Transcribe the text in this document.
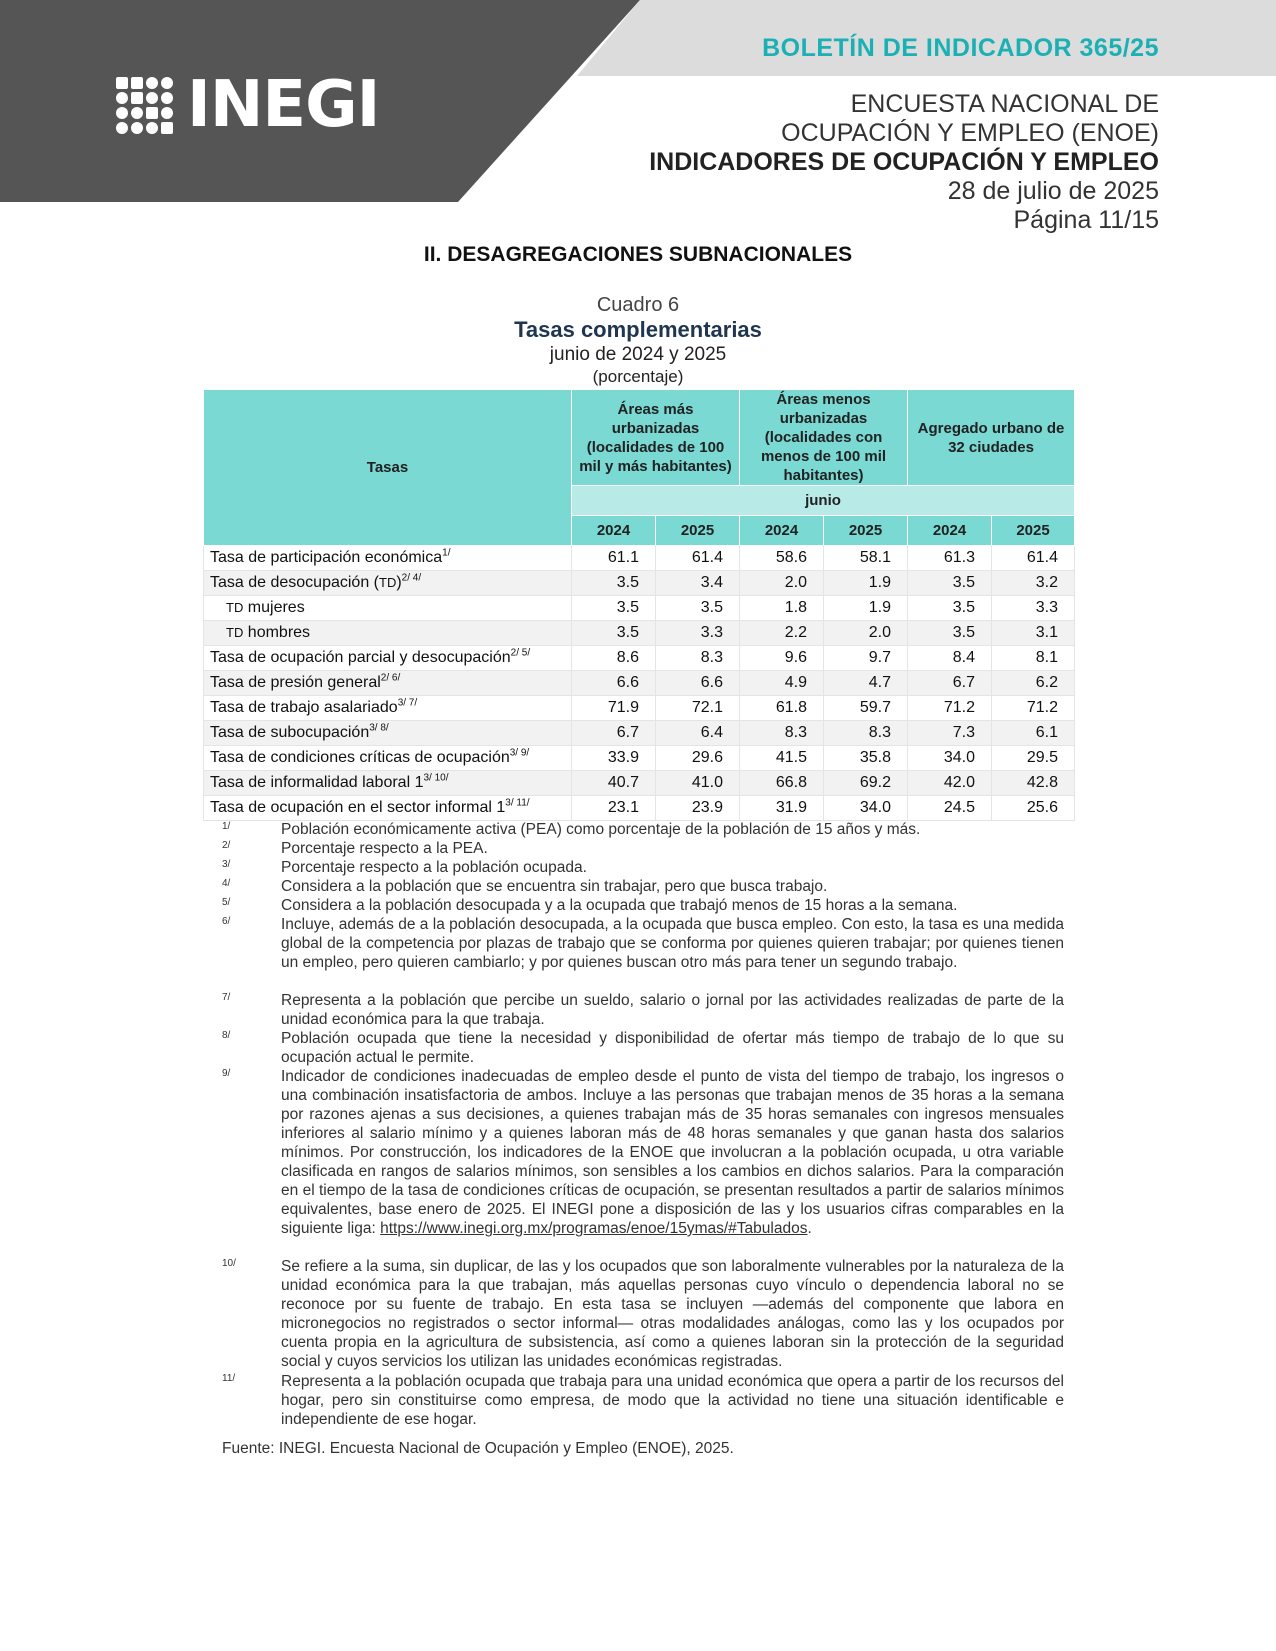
INEGI
BOLETÍN DE INDICADOR 365/25
ENCUESTA NACIONAL DE
OCUPACIÓN Y EMPLEO (ENOE)
INDICADORES DE OCUPACIÓN Y EMPLEO
28 de julio de 2025
Página 11/15
II. DESAGREGACIONES SUBNACIONALES
Cuadro 6
Tasas complementarias
junio de 2024 y 2025
(porcentaje)
Tasas	Áreas más urbanizadas (localidades de 100 mil y más habitantes)		Áreas menos urbanizadas (localidades con menos de 100 mil habitantes)		Agregado urbano de 32 ciudades	
	junio					
	2024	2025	2024	2025	2024	2025
Tasa de participación económica$^{1/}$	61.1	61.4	58.6	58.1	61.3	61.4
Tasa de desocupación (TD)$^{2/ 4/}$	3.5	3.4	2.0	1.9	3.5	3.2
TD mujeres	3.5	3.5	1.8	1.9	3.5	3.3
TD hombres	3.5	3.3	2.2	2.0	3.5	3.1
Tasa de ocupación parcial y desocupación$^{2/ 5/}$	8.6	8.3	9.6	9.7	8.4	8.1
Tasa de presión general$^{2/ 6/}$	6.6	6.6	4.9	4.7	6.7	6.2
Tasa de trabajo asalariado$^{3/ 7/}$	71.9	72.1	61.8	59.7	71.2	71.2
Tasa de subocupación$^{3/ 8/}$	6.7	6.4	8.3	8.3	7.3	6.1
Tasa de condiciones críticas de ocupación$^{3/ 9/}$	33.9	29.6	41.5	35.8	34.0	29.5
Tasa de informalidad laboral $1^{3/ 10/}$	40.7	41.0	66.8	69.2	42.0	42.8
Tasa de ocupación en el sector informal $1^{3/ 11/}$	23.1	23.9	31.9	34.0	24.5	25.6
1/	Población económicamente activa (PEA) como porcentaje de la población de 15 años y más.
2/	Porcentaje respecto a la PEA.
3/	Porcentaje respecto a la población ocupada.
4/	Considera a la población que se encuentra sin trabajar, pero que busca trabajo.
5/	Considera a la población desocupada y a la ocupada que trabajó menos de 15 horas a la semana.
6/	Incluye, además de a la población desocupada, a la ocupada que busca empleo. Con esto, la tasa es una medida global de la competencia por plazas de trabajo que se conforma por quienes quieren trabajar; por quienes tienen un empleo, pero quieren cambiarlo; y por quienes buscan otro más para tener un segundo trabajo.
7/	Representa a la población que percibe un sueldo, salario o jornal por las actividades realizadas de parte de la unidad económica para la que trabaja.
8/	Población ocupada que tiene la necesidad y disponibilidad de ofertar más tiempo de trabajo de lo que su ocupación actual le permite.
9/	Indicador de condiciones inadecuadas de empleo desde el punto de vista del tiempo de trabajo, los ingresos o una combinación insatisfactoria de ambos. Incluye a las personas que trabajan menos de 35 horas a la semana por razones ajenas a sus decisiones, a quienes trabajan más de 35 horas semanales con ingresos mensuales inferiores al salario mínimo y a quienes laboran más de 48 horas semanales y que ganan hasta dos salarios mínimos. Por construcción, los indicadores de la ENOE que involucran a la población ocupada, u otra variable clasificada en rangos de salarios mínimos, son sensibles a los cambios en dichos salarios. Para la comparación en el tiempo de la tasa de condiciones críticas de ocupación, se presentan resultados a partir de salarios mínimos equivalentes, base enero de 2025. El INEGI pone a disposición de las y los usuarios cifras comparables en la siguiente liga: https://www.inegi.org.mx/programas/enoe/15ymas/#Tabulados.
10/	Se refiere a la suma, sin duplicar, de las y los ocupados que son laboralmente vulnerables por la naturaleza de la unidad económica para la que trabajan, más aquellas personas cuyo vínculo o dependencia laboral no se reconoce por su fuente de trabajo. En esta tasa se incluyen —además del componente que labora en micronegocios no registrados o sector informal— otras modalidades análogas, como las y los ocupados por cuenta propia en la agricultura de subsistencia, así como a quienes laboran sin la protección de la seguridad social y cuyos servicios los utilizan las unidades económicas registradas.
11/	Representa a la población ocupada que trabaja para una unidad económica que opera a partir de los recursos del hogar, pero sin constituirse como empresa, de modo que la actividad no tiene una situación identificable e independiente de ese hogar.
Fuente: INEGI. Encuesta Nacional de Ocupación y Empleo (ENOE), 2025.
